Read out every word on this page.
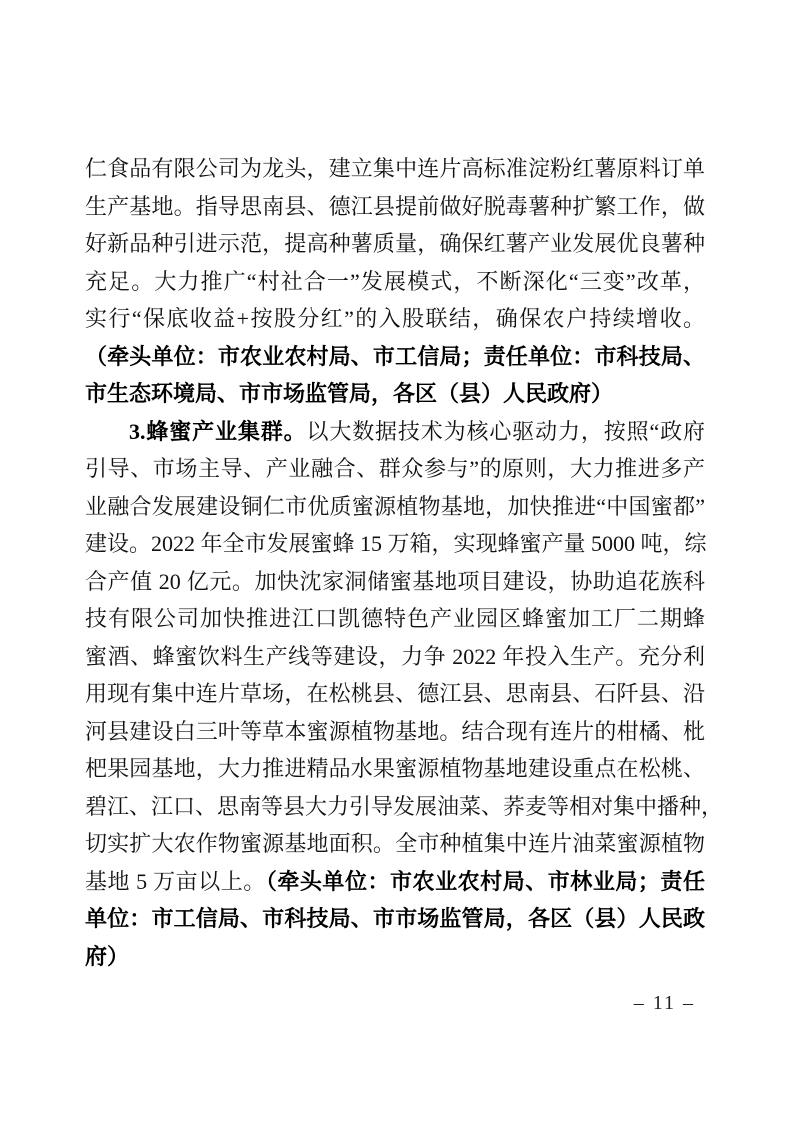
仁食品有限公司为龙头，建立集中连片高标准淀粉红薯原料订单
生产基地。指导思南县、德江县提前做好脱毒薯种扩繁工作，做
好新品种引进示范，提高种薯质量，确保红薯产业发展优良薯种
充足。大力推广“村社合一”发展模式，不断深化“三变”改革，
实行“保底收益+按股分红”的入股联结，确保农户持续增收。
（牵头单位：市农业农村局、市工信局；责任单位：市科技局、
市生态环境局、市市场监管局，各区（县）人民政府）
3.蜂蜜产业集群。以大数据技术为核心驱动力，按照“政府
引导、市场主导、产业融合、群众参与”的原则，大力推进多产
业融合发展建设铜仁市优质蜜源植物基地，加快推进“中国蜜都”
建设。2022 年全市发展蜜蜂 15 万箱，实现蜂蜜产量 5000 吨，综
合产值 20 亿元。加快沈家洞储蜜基地项目建设，协助追花族科
技有限公司加快推进江口凯德特色产业园区蜂蜜加工厂二期蜂
蜜酒、蜂蜜饮料生产线等建设，力争 2022 年投入生产。充分利
用现有集中连片草场，在松桃县、德江县、思南县、石阡县、沿
河县建设白三叶等草本蜜源植物基地。结合现有连片的柑橘、枇
杷果园基地，大力推进精品水果蜜源植物基地建设重点在松桃、
碧江、江口、思南等县大力引导发展油菜、荞麦等相对集中播种，
切实扩大农作物蜜源基地面积。全市种植集中连片油菜蜜源植物
基地 5 万亩以上。（牵头单位：市农业农村局、市林业局；责任
单位：市工信局、市科技局、市市场监管局，各区（县）人民政
府）
– 11 –
